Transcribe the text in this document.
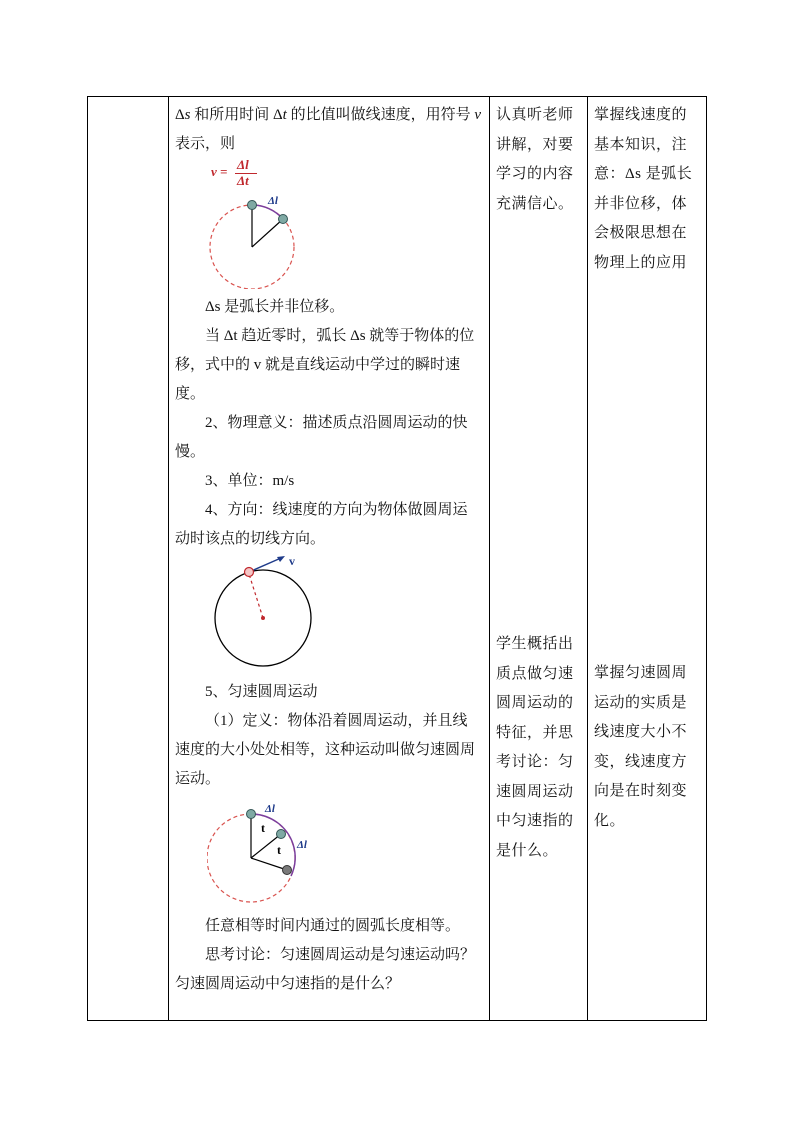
Δs 和所用时间 Δt 的比值叫做线速度，用符号 v 表示，则

v = Δl
Δt
Δl

Δs 是弧长并非位移。

当 Δt 趋近零时，弧长 Δs 就等于物体的位移，式中的 v 就是直线运动中学过的瞬时速度。

2、物理意义：描述质点沿圆周运动的快慢。

3、单位：m/s

4、方向：线速度的方向为物体做圆周运动时该点的切线方向。

v

5、匀速圆周运动

（1）定义：物体沿着圆周运动，并且线速度的大小处处相等，这种运动叫做匀速圆周运动。

Δl
Δl
t
t

任意相等时间内通过的圆弧长度相等。

思考讨论：匀速圆周运动是匀速运动吗？匀速圆周运动中匀速指的是什么？

认真听老师讲解，对要学习的内容充满信心。
学生概括出质点做匀速圆周运动的特征，并思考讨论：匀速圆周运动中匀速指的是什么。
掌握线速度的基本知识，注意：Δs 是弧长并非位移，体会极限思想在物理上的应用
掌握匀速圆周运动的实质是线速度大小不变，线速度方向是在时刻变化。
